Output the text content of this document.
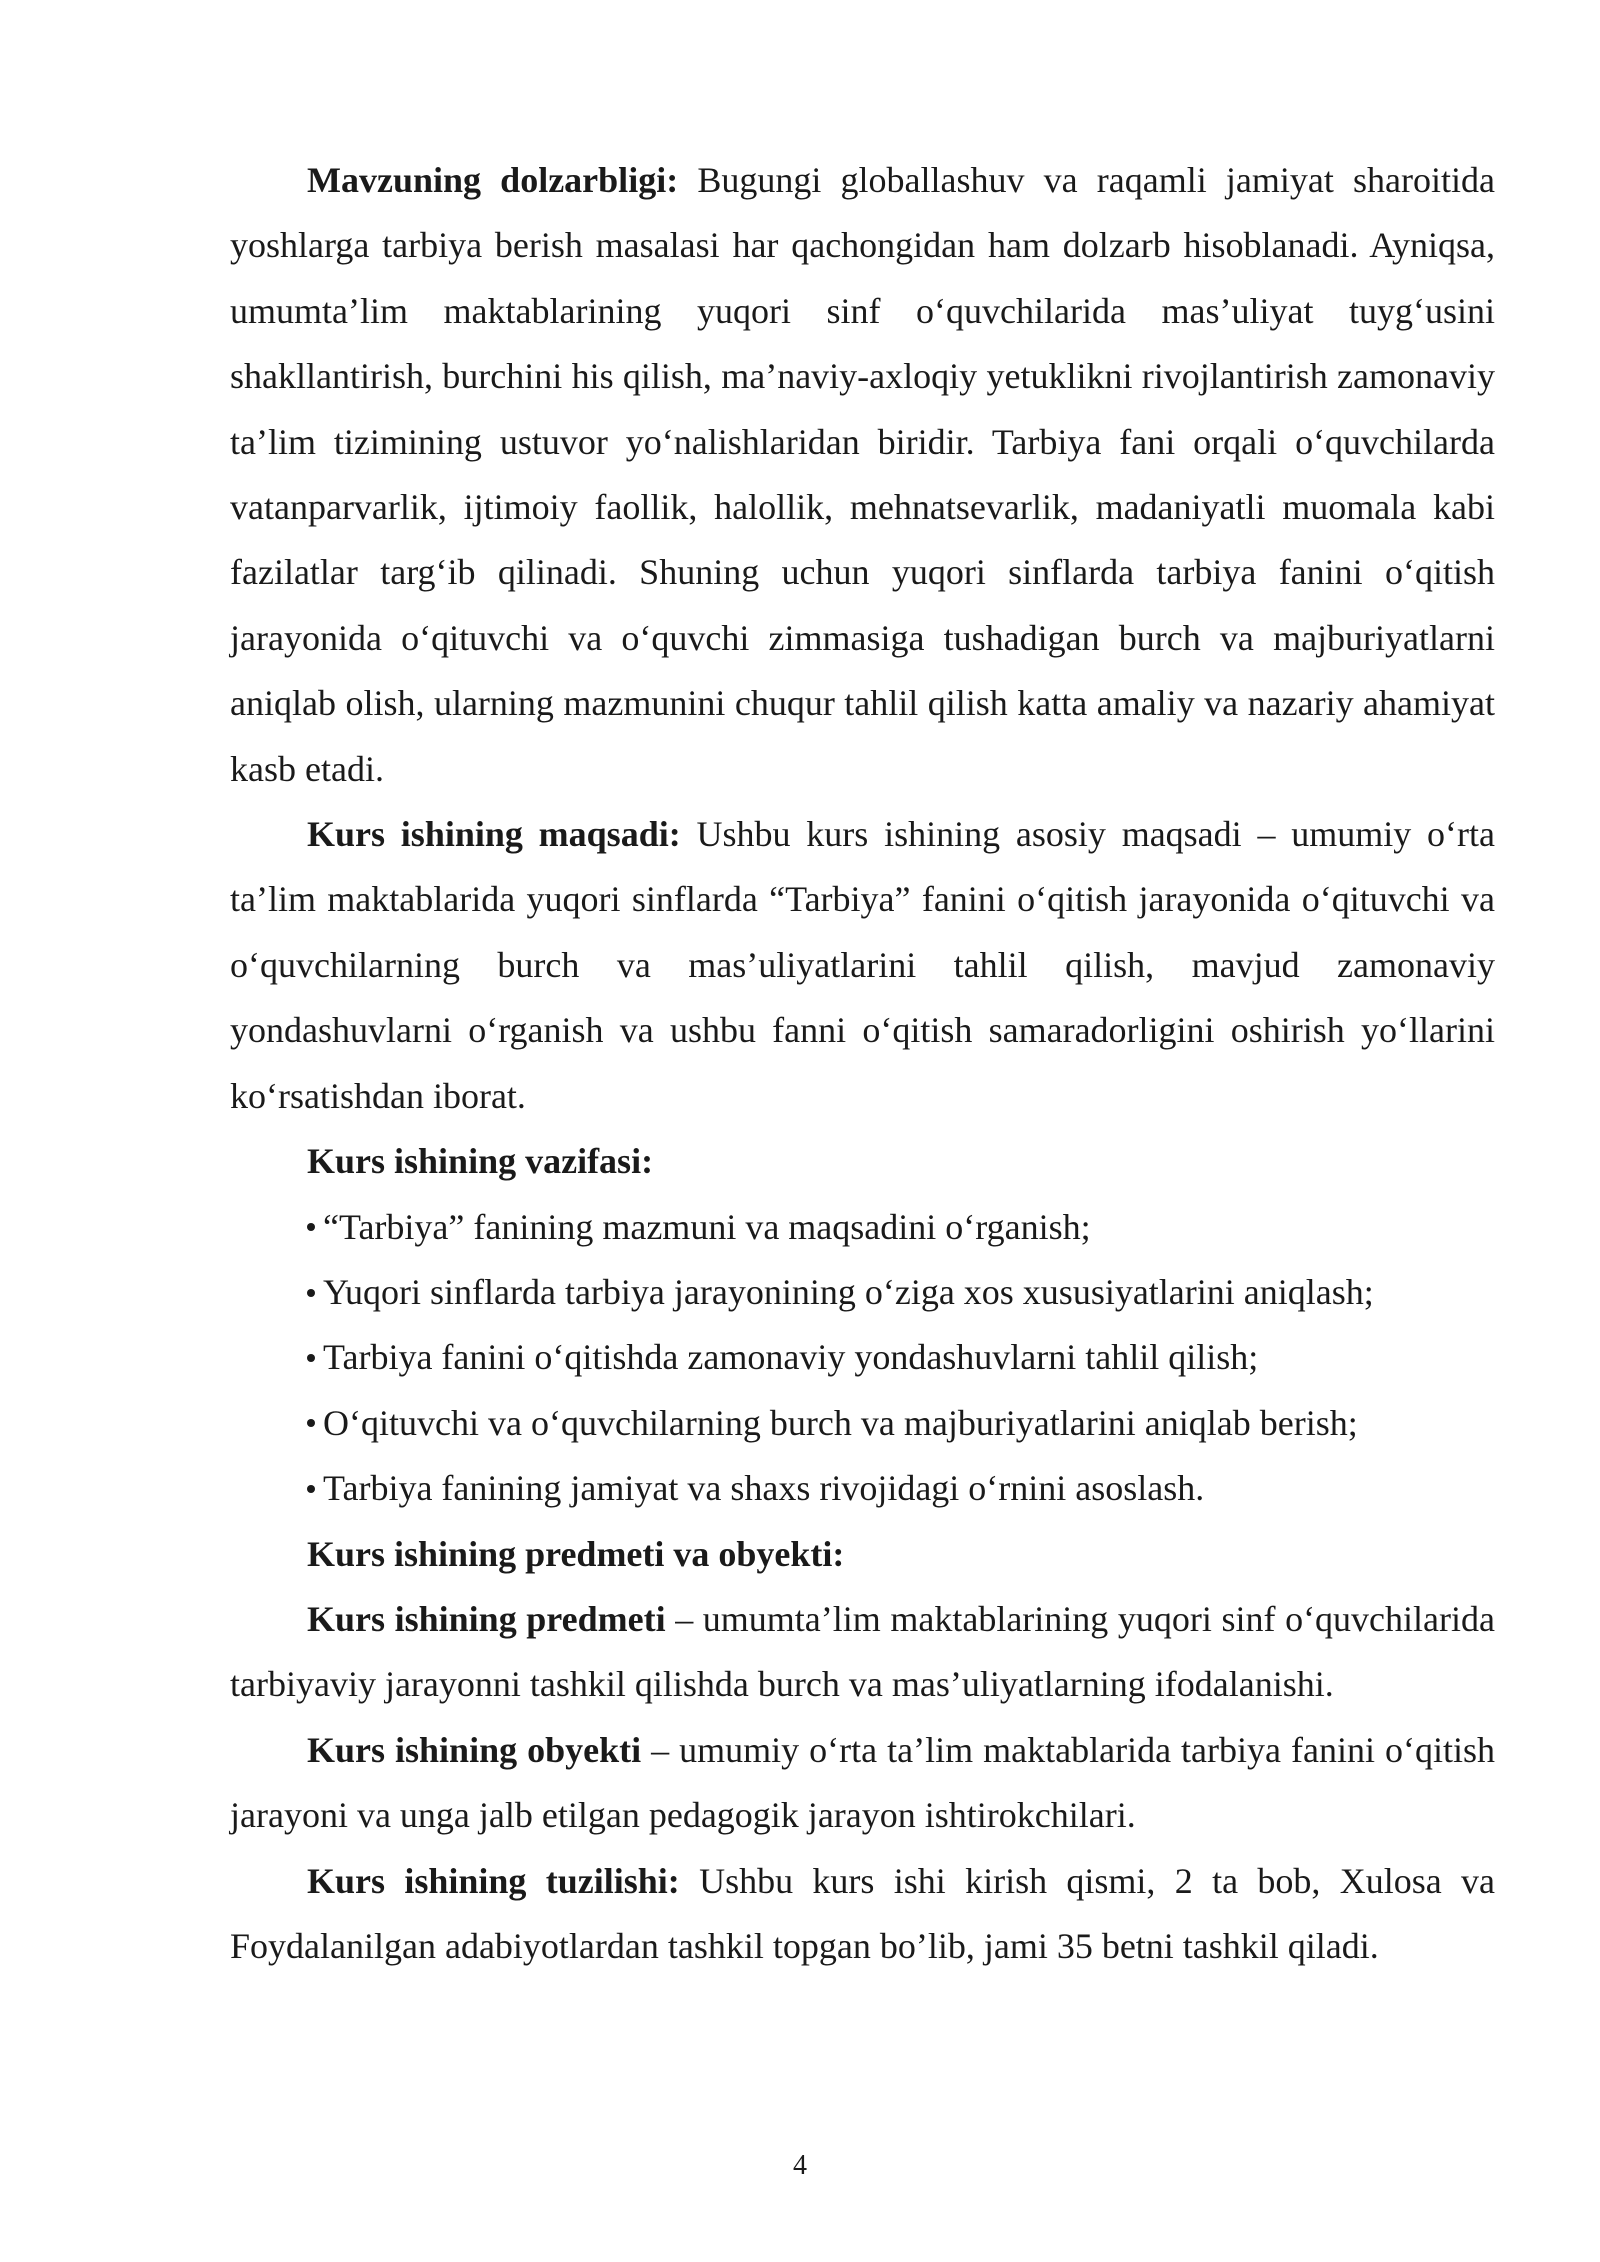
Mavzuning dolzarbligi: Bugungi globallashuv va raqamli jamiyat sharoitida yoshlarga tarbiya berish masalasi har qachongidan ham dolzarb hisoblanadi. Ayniqsa, umumta’lim maktablarining yuqori sinf o‘quvchilarida mas’uliyat tuyg‘usini shakllantirish, burchini his qilish, ma’naviy-axloqiy yetuklikni rivojlantirish zamonaviy ta’lim tizimining ustuvor yo‘nalishlaridan biridir. Tarbiya fani orqali o‘quvchilarda vatanparvarlik, ijtimoiy faollik, halollik, mehnatsevarlik, madaniyatli muomala kabi fazilatlar targ‘ib qilinadi. Shuning uchun yuqori sinflarda tarbiya fanini o‘qitish jarayonida o‘qituvchi va o‘quvchi zimmasiga tushadigan burch va majburiyatlarni aniqlab olish, ularning mazmunini chuqur tahlil qilish katta amaliy va nazariy ahamiyat kasb etadi.

Kurs ishining maqsadi: Ushbu kurs ishining asosiy maqsadi – umumiy o‘rta ta’lim maktablarida yuqori sinflarda “Tarbiya” fanini o‘qitish jarayonida o‘qituvchi va o‘quvchilarning burch va mas’uliyatlarini tahlil qilish, mavjud zamonaviy yondashuvlarni o‘rganish va ushbu fanni o‘qitish samaradorligini oshirish yo‘llarini ko‘rsatishdan iborat.

Kurs ishining vazifasi:

“Tarbiya” fanining mazmuni va maqsadini o‘rganish;
Yuqori sinflarda tarbiya jarayonining o‘ziga xos xususiyatlarini aniqlash;
Tarbiya fanini o‘qitishda zamonaviy yondashuvlarni tahlil qilish;
O‘qituvchi va o‘quvchilarning burch va majburiyatlarini aniqlab berish;
Tarbiya fanining jamiyat va shaxs rivojidagi o‘rnini asoslash.

Kurs ishining predmeti va obyekti:

Kurs ishining predmeti – umumta’lim maktablarining yuqori sinf o‘quvchilarida tarbiyaviy jarayonni tashkil qilishda burch va mas’uliyatlarning ifodalanishi.

Kurs ishining obyekti – umumiy o‘rta ta’lim maktablarida tarbiya fanini o‘qitish jarayoni va unga jalb etilgan pedagogik jarayon ishtirokchilari.

Kurs ishining tuzilishi: Ushbu kurs ishi kirish qismi, 2 ta bob, Xulosa va Foydalanilgan adabiyotlardan tashkil topgan bo’lib, jami 35 betni tashkil qiladi.

4
